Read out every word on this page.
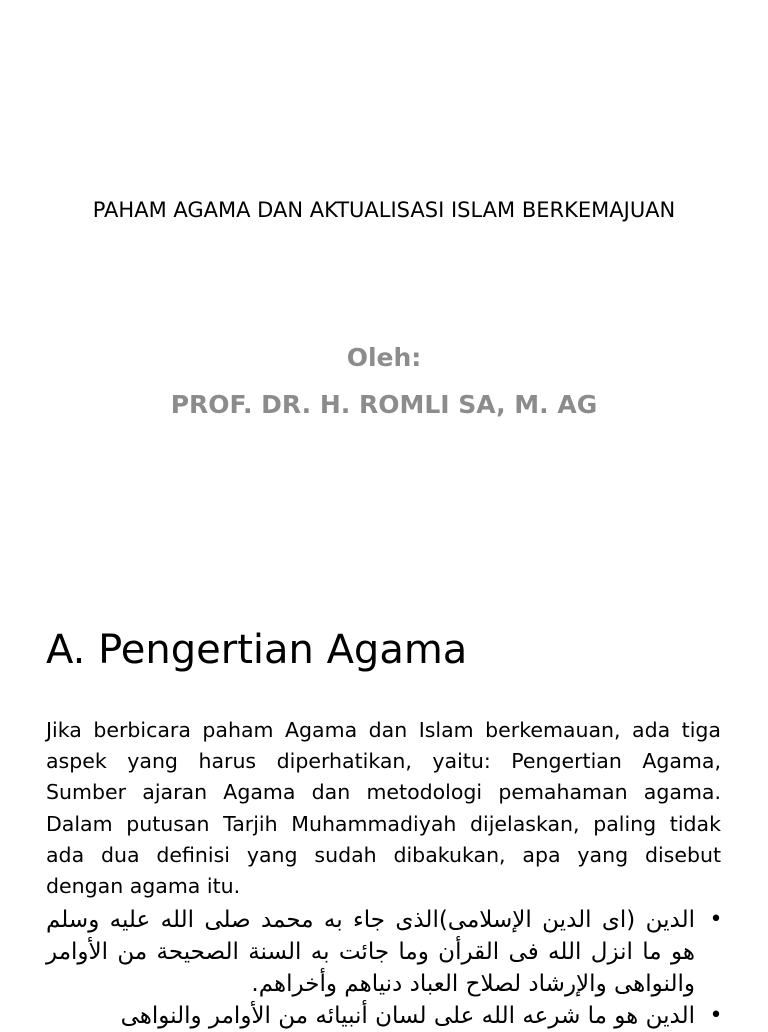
PAHAM AGAMA DAN AKTUALISASI ISLAM BERKEMAJUAN
Oleh:
PROF. DR. H. ROMLI SA, M. AG
A. Pengertian Agama

Jika berbicara paham Agama dan Islam berkemauan, ada tiga aspek yang harus diperhatikan, yaitu: Pengertian Agama, Sumber ajaran Agama dan metodologi pemahaman agama. Dalam putusan Tarjih Muhammadiyah dijelaskan, paling tidak ada dua definisi yang sudah dibakukan, apa yang disebut dengan agama itu.

•
الدين (اى الدين الإسلامى)الذى جاء به محمد صلى الله عليه وسلم هو ما انزل الله فى القرأن وما جائت به السنة الصحيحة من الأوامر والنواهى والإرشاد لصلاح العباد دنياهم وأخراهم.
•
الدين هو ما شرعه الله على لسان أنبيائه من الأوامر والنواهى
